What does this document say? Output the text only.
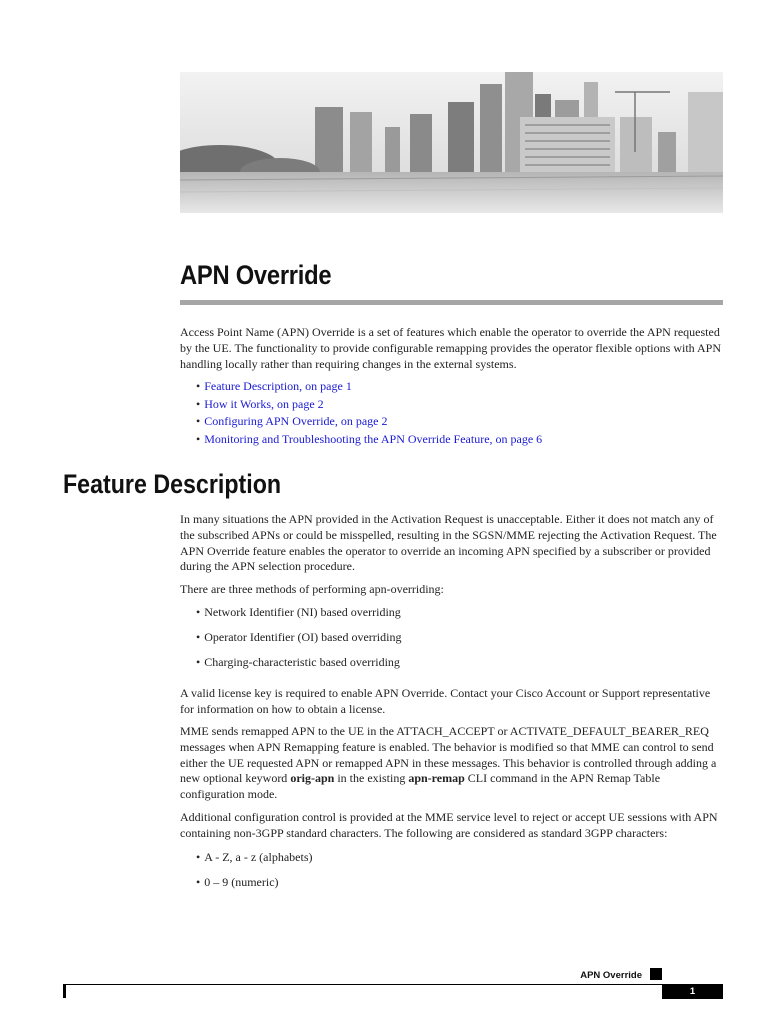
APN Override

Access Point Name (APN) Override is a set of features which enable the operator to override the APN requested by the UE. The functionality to provide configurable remapping provides the operator flexible options with APN handling locally rather than requiring changes in the external systems.

• Feature Description, on page 1
• How it Works, on page 2
• Configuring APN Override, on page 2
• Monitoring and Troubleshooting the APN Override Feature, on page 6
Feature Description

In many situations the APN provided in the Activation Request is unacceptable. Either it does not match any of the subscribed APNs or could be misspelled, resulting in the SGSN/MME rejecting the Activation Request. The APN Override feature enables the operator to override an incoming APN specified by a subscriber or provided during the APN selection procedure.

There are three methods of performing apn-overriding:

• Network Identifier (NI) based overriding
• Operator Identifier (OI) based overriding
• Charging-characteristic based overriding

A valid license key is required to enable APN Override. Contact your Cisco Account or Support representative for information on how to obtain a license.

MME sends remapped APN to the UE in the ATTACH_ACCEPT or ACTIVATE_DEFAULT_BEARER_REQ messages when APN Remapping feature is enabled. The behavior is modified so that MME can control to send either the UE requested APN or remapped APN in these messages. This behavior is controlled through adding a new optional keyword orig-apn in the existing apn-remap CLI command in the APN Remap Table configuration mode.

Additional configuration control is provided at the MME service level to reject or accept UE sessions with APN containing non-3GPP standard characters. The following are considered as standard 3GPP characters:

• A - Z, a - z (alphabets)
• 0 – 9 (numeric)
APN Override
1
